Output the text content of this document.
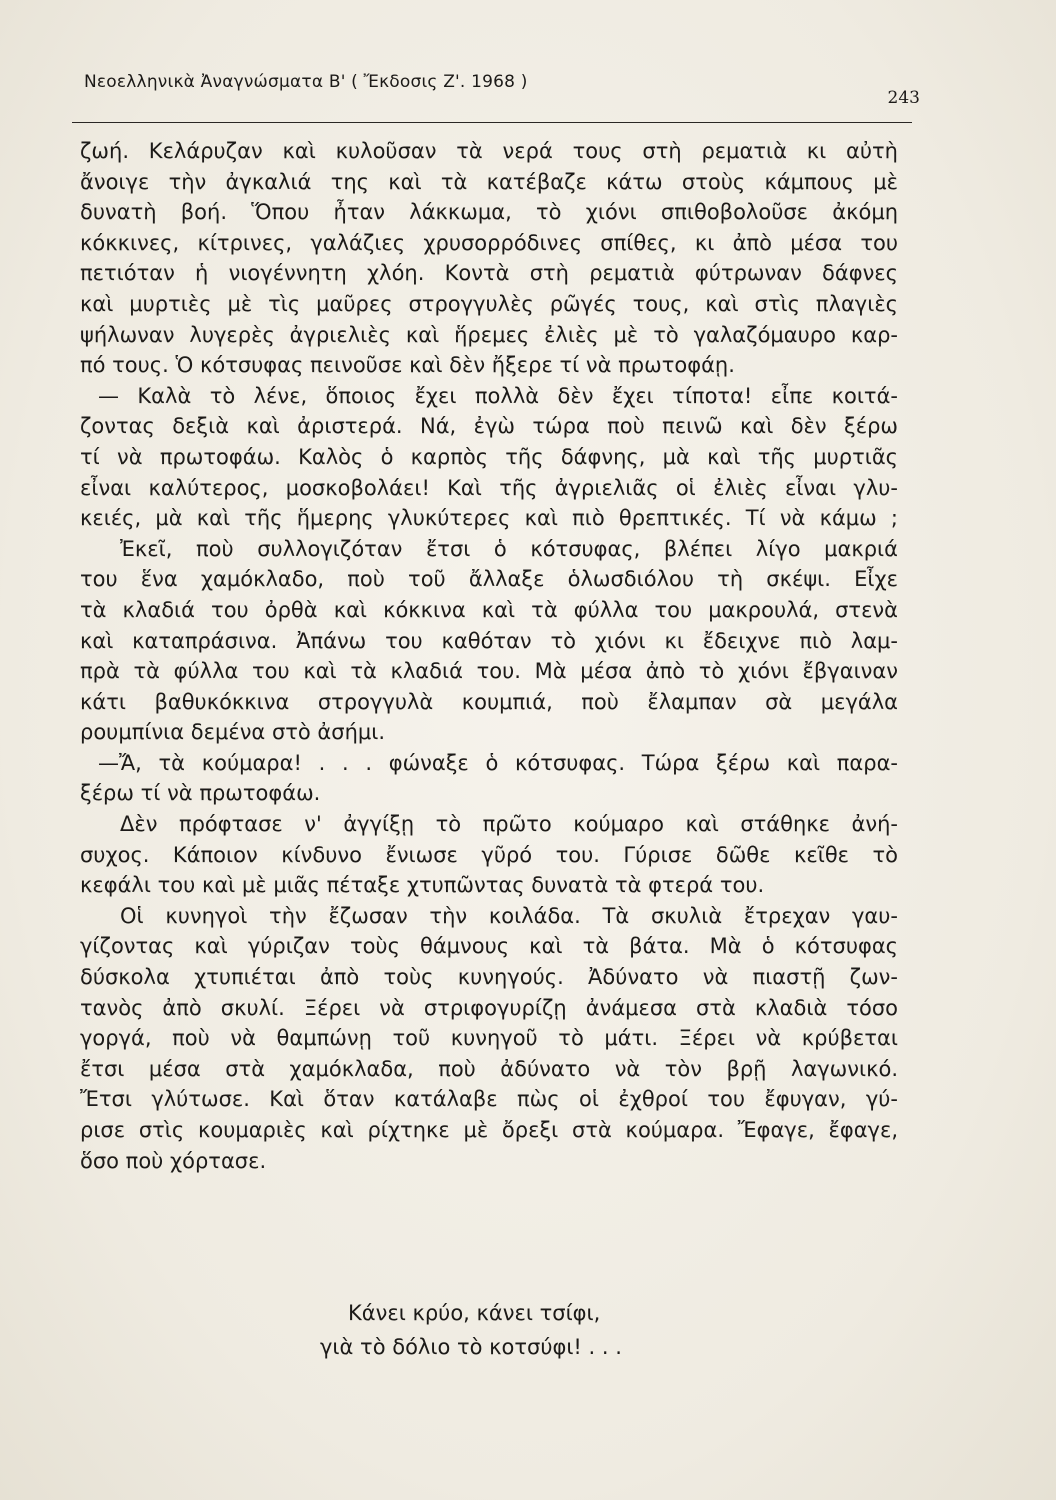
Νεοελληνικὰ Ἀναγνώσματα Β' ( Ἔκδοσις Ζ'. 1968 )
243
ζωή. Κελάρυζαν καὶ κυλοῦσαν τὰ νερά τους στὴ ρεματιὰ κι αὐτὴ
ἄνοιγε τὴν ἀγκαλιά της καὶ τὰ κατέβαζε κάτω στοὺς κάμπους μὲ
δυνατὴ βοή. Ὅπου ἦταν λάκκωμα, τὸ χιόνι σπιθοβολοῦσε ἀκόμη
κόκκινες, κίτρινες, γαλάζιες χρυσορρόδινες σπίθες, κι ἀπὸ μέσα του
πετιόταν ἡ νιογέννητη χλόη. Κοντὰ στὴ ρεματιὰ φύτρωναν δάφνες
καὶ μυρτιὲς μὲ τὶς μαῦρες στρογγυλὲς ρῶγές τους, καὶ στὶς πλαγιὲς
ψήλωναν λυγερὲς ἀγριελιὲς καὶ ἥρεμες ἐλιὲς μὲ τὸ γαλαζόμαυρο καρ-
πό τους. Ὁ κότσυφας πεινοῦσε καὶ δὲν ἤξερε τί νὰ πρωτοφάῃ.
— Καλὰ τὸ λένε, ὅποιος ἔχει πολλὰ δὲν ἔχει τίποτα! εἶπε κοιτά-
ζοντας δεξιὰ καὶ ἀριστερά. Νά, ἐγὼ τώρα ποὺ πεινῶ καὶ δὲν ξέρω
τί νὰ πρωτοφάω. Καλὸς ὁ καρπὸς τῆς δάφνης, μὰ καὶ τῆς μυρτιᾶς
εἶναι καλύτερος, μοσκοβολάει! Καὶ τῆς ἀγριελιᾶς οἱ ἐλιὲς εἶναι γλυ-
κειές, μὰ καὶ τῆς ἥμερης γλυκύτερες καὶ πιὸ θρεπτικές. Τί νὰ κάμω ;
Ἐκεῖ, ποὺ συλλογιζόταν ἔτσι ὁ κότσυφας, βλέπει λίγο μακριά
του ἕνα χαμόκλαδο, ποὺ τοῦ ἄλλαξε ὁλωσδιόλου τὴ σκέψι. Εἶχε
τὰ κλαδιά του ὀρθὰ καὶ κόκκινα καὶ τὰ φύλλα του μακρουλά, στενὰ
καὶ καταπράσινα. Ἀπάνω του καθόταν τὸ χιόνι κι ἔδειχνε πιὸ λαμ-
πρὰ τὰ φύλλα του καὶ τὰ κλαδιά του. Μὰ μέσα ἀπὸ τὸ χιόνι ἔβγαιναν
κάτι βαθυκόκκινα στρογγυλὰ κουμπιά, ποὺ ἔλαμπαν σὰ μεγάλα
ρουμπίνια δεμένα στὸ ἀσήμι.
—Ἄ, τὰ κούμαρα! . . . φώναξε ὁ κότσυφας. Τώρα ξέρω καὶ παρα-
ξέρω τί νὰ πρωτοφάω.
Δὲν πρόφτασε ν' ἀγγίξῃ τὸ πρῶτο κούμαρο καὶ στάθηκε ἀνή-
συχος. Κάποιον κίνδυνο ἔνιωσε γῦρό του. Γύρισε δῶθε κεῖθε τὸ
κεφάλι του καὶ μὲ μιᾶς πέταξε χτυπῶντας δυνατὰ τὰ φτερά του.
Οἱ κυνηγοὶ τὴν ἔζωσαν τὴν κοιλάδα. Τὰ σκυλιὰ ἔτρεχαν γαυ-
γίζοντας καὶ γύριζαν τοὺς θάμνους καὶ τὰ βάτα. Μὰ ὁ κότσυφας
δύσκολα χτυπιέται ἀπὸ τοὺς κυνηγούς. Ἀδύνατο νὰ πιαστῇ ζων-
τανὸς ἀπὸ σκυλί. Ξέρει νὰ στριφογυρίζῃ ἀνάμεσα στὰ κλαδιὰ τόσο
γοργά, ποὺ νὰ θαμπώνῃ τοῦ κυνηγοῦ τὸ μάτι. Ξέρει νὰ κρύβεται
ἔτσι μέσα στὰ χαμόκλαδα, ποὺ ἀδύνατο νὰ τὸν βρῇ λαγωνικό.
Ἔτσι γλύτωσε. Καὶ ὅταν κατάλαβε πὼς οἱ ἐχθροί του ἔφυγαν, γύ-
ρισε στὶς κουμαριὲς καὶ ρίχτηκε μὲ ὄρεξι στὰ κούμαρα. Ἔφαγε, ἔφαγε,
ὅσο ποὺ χόρτασε.
Κάνει κρύο, κάνει τσίφι,
γιὰ τὸ δόλιο τὸ κοτσύφι! . . .
